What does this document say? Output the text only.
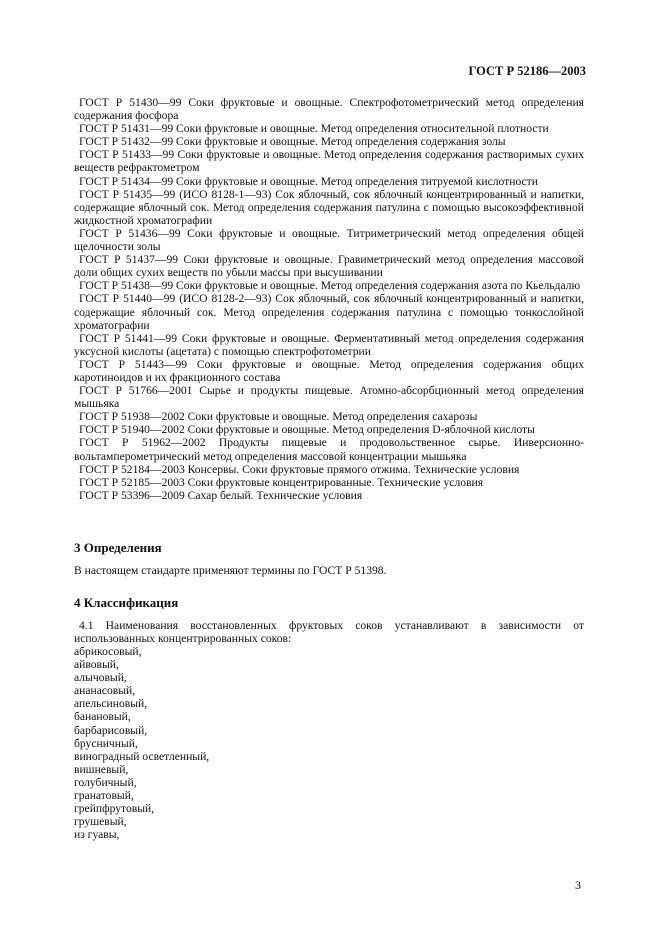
ГОСТ Р 52186—2003

ГОСТ Р 51430—99 Соки фруктовые и овощные. Спектрофотометрический метод определения содержания фосфора

ГОСТ Р 51431—99 Соки фруктовые и овощные. Метод определения относительной плотности

ГОСТ Р 51432—99 Соки фруктовые и овощные. Метод определения содержания золы

ГОСТ Р 51433—99 Соки фруктовые и овощные. Метод определения содержания растворимых сухих веществ рефрактометром

ГОСТ Р 51434—99 Соки фруктовые и овощные. Метод определения титруемой кислотности

ГОСТ Р 51435—99 (ИСО 8128-1—93) Сок яблочный, сок яблочный концентрированный и напитки, содержащие яблочный сок. Метод определения содержания патулина с помощью высокоэффективной жидкостной хроматографии

ГОСТ Р 51436—99 Соки фруктовые и овощные. Титриметрический метод определения общей щелочности золы

ГОСТ Р 51437—99 Соки фруктовые и овощные. Гравиметрический метод определения массовой доли общих сухих веществ по убыли массы при высушивании

ГОСТ Р 51438—99 Соки фруктовые и овощные. Метод определения содержания азота по Кьельдалю

ГОСТ Р 51440—99 (ИСО 8128-2—93) Сок яблочный, сок яблочный концентрированный и напитки, содержащие яблочный сок. Метод определения содержания патулина с помощью тонкослойной хроматографии

ГОСТ Р 51441—99 Соки фруктовые и овощные. Ферментативный метод определения содержания уксусной кислоты (ацетата) с помощью спектрофотометрии

ГОСТ Р 51443—99 Соки фруктовые и овощные. Метод определения содержания общих каротиноидов и их фракционного состава

ГОСТ Р 51766—2001 Сырье и продукты пищевые. Атомно-абсорбционный метод определения мышьяка

ГОСТ Р 51938—2002 Соки фруктовые и овощные. Метод определения сахарозы

ГОСТ Р 51940—2002 Соки фруктовые и овощные. Метод определения D-яблочной кислоты

ГОСТ Р 51962—2002 Продукты пищевые и продовольственное сырье. Инверсионно-вольтамперометрический метод определения массовой концентрации мышьяка

ГОСТ Р 52184—2003 Консервы. Соки фруктовые прямого отжима. Технические условия

ГОСТ Р 52185—2003 Соки фруктовые концентрированные. Технические условия

ГОСТ Р 53396—2009 Сахар белый. Технические условия

3 Определения
В настоящем стандарте применяют термины по ГОСТ Р 51398.
4 Классификация
4.1 Наименования восстановленных фруктовых соков устанавливают в зависимости от использованных концентрированных соков:
абрикосовый,
айвовый,
алычовый,
ананасовый,
апельсиновый,
банановый,
барбарисовый,
брусничный,
виноградный осветленный,
вишневый,
голубичный,
гранатовый,
грейпфрутовый,
грушевый,
из гуавы,
3
